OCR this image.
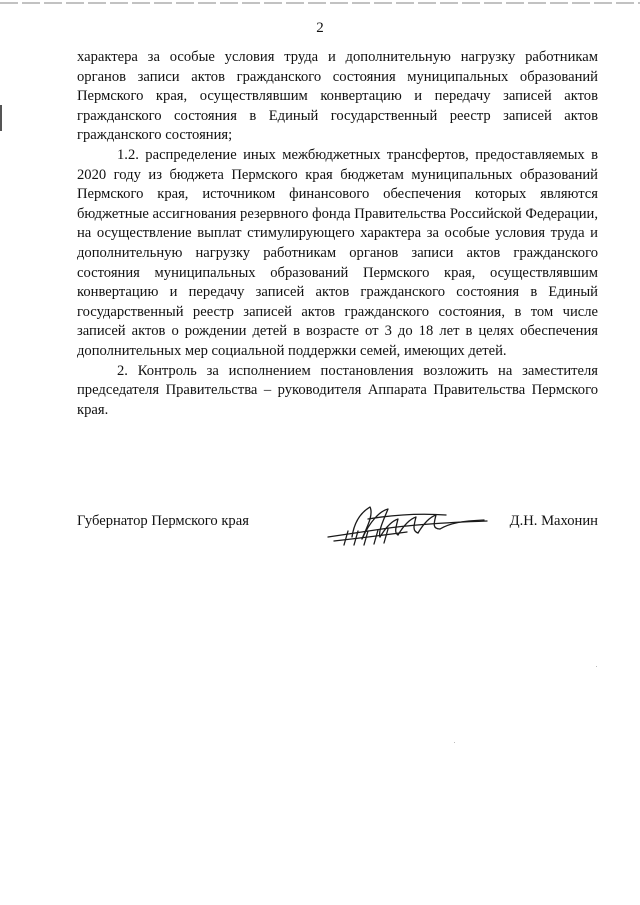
2

характера за особые условия труда и дополнительную нагрузку работникам органов записи актов гражданского состояния муниципальных образований Пермского края, осуществлявшим конвертацию и передачу записей актов гражданского состояния в Единый государственный реестр записей актов гражданского состояния;

1.2. распределение иных межбюджетных трансфертов, предоставляемых в 2020 году из бюджета Пермского края бюджетам муниципальных образований Пермского края, источником финансового обеспечения которых являются бюджетные ассигнования резервного фонда Правительства Российской Федерации, на осуществление выплат стимулирующего характера за особые условия труда и дополнительную нагрузку работникам органов записи актов гражданского состояния муниципальных образований Пермского края, осуществлявшим конвертацию и передачу записей актов гражданского состояния в Единый государственный реестр записей актов гражданского состояния, в том числе записей актов о рождении детей в возрасте от 3 до 18 лет в целях обеспечения дополнительных мер социальной поддержки семей, имеющих детей.

2. Контроль за исполнением постановления возложить на заместителя председателя Правительства – руководителя Аппарата Правительства Пермского края.

Губернатор Пермского края	Д.Н. Махонин
